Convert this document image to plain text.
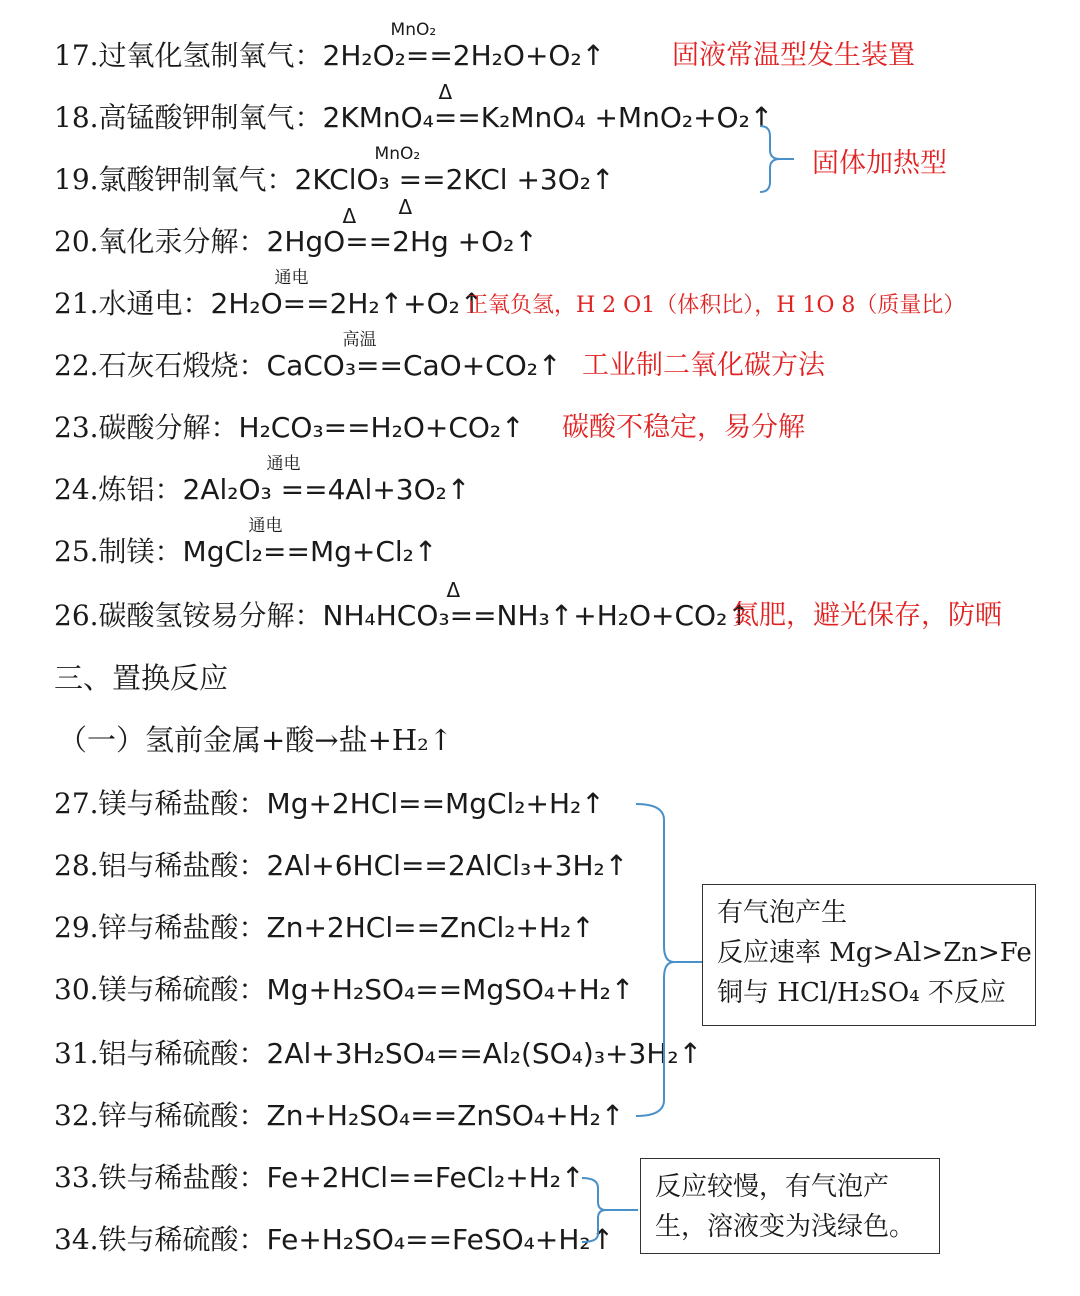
17.过氧化氢制氧气：
MnO₂
2H₂O₂==2H₂O+O₂↑ 固液常温型发生装置
18.高锰酸钾制氧气：
Δ
2KMnO₄==K₂MnO₄ +MnO₂+O₂↑
19.氯酸钾制氧气：
MnO₂
2KClO₃ ==2KCl +3O₂↑
Δ
20.氧化汞分解：
Δ
2HgO==2Hg +O₂↑
21.水通电：
通电
2H₂O==2H₂↑+O₂↑
正氧负氢，H 2 O1（体积比），H 1O 8（质量比）
22.石灰石煅烧：
高温
CaCO₃==CaO+CO₂↑ 工业制二氧化碳方法
23.碳酸分解：H₂CO₃==H₂O+CO₂↑ 碳酸不稳定，易分解
24.炼铝：
通电
2Al₂O₃ ==4Al+3O₂↑
25.制镁：
通电
MgCl₂==Mg+Cl₂↑
26.碳酸氢铵易分解：
Δ
NH₄HCO₃==NH₃↑+H₂O+CO₂↑
氮肥，避光保存，防晒
固体加热型
三、置换反应
（一）氢前金属+酸→盐+H₂↑
27.镁与稀盐酸：Mg+2HCl==MgCl₂+H₂↑
28.铝与稀盐酸：2Al+6HCl==2AlCl₃+3H₂↑
29.锌与稀盐酸：Zn+2HCl==ZnCl₂+H₂↑
30.镁与稀硫酸：Mg+H₂SO₄==MgSO₄+H₂↑
31.铝与稀硫酸：2Al+3H₂SO₄==Al₂(SO₄)₃+3H₂↑
32.锌与稀硫酸：Zn+H₂SO₄==ZnSO₄+H₂↑
33.铁与稀盐酸：Fe+2HCl==FeCl₂+H₂↑
34.铁与稀硫酸：Fe+H₂SO₄==FeSO₄+H₂↑
有气泡产生
反应速率 Mg>Al>Zn>Fe
铜与 HCl/H₂SO₄ 不反应
反应较慢，有气泡产
生，溶液变为浅绿色。
